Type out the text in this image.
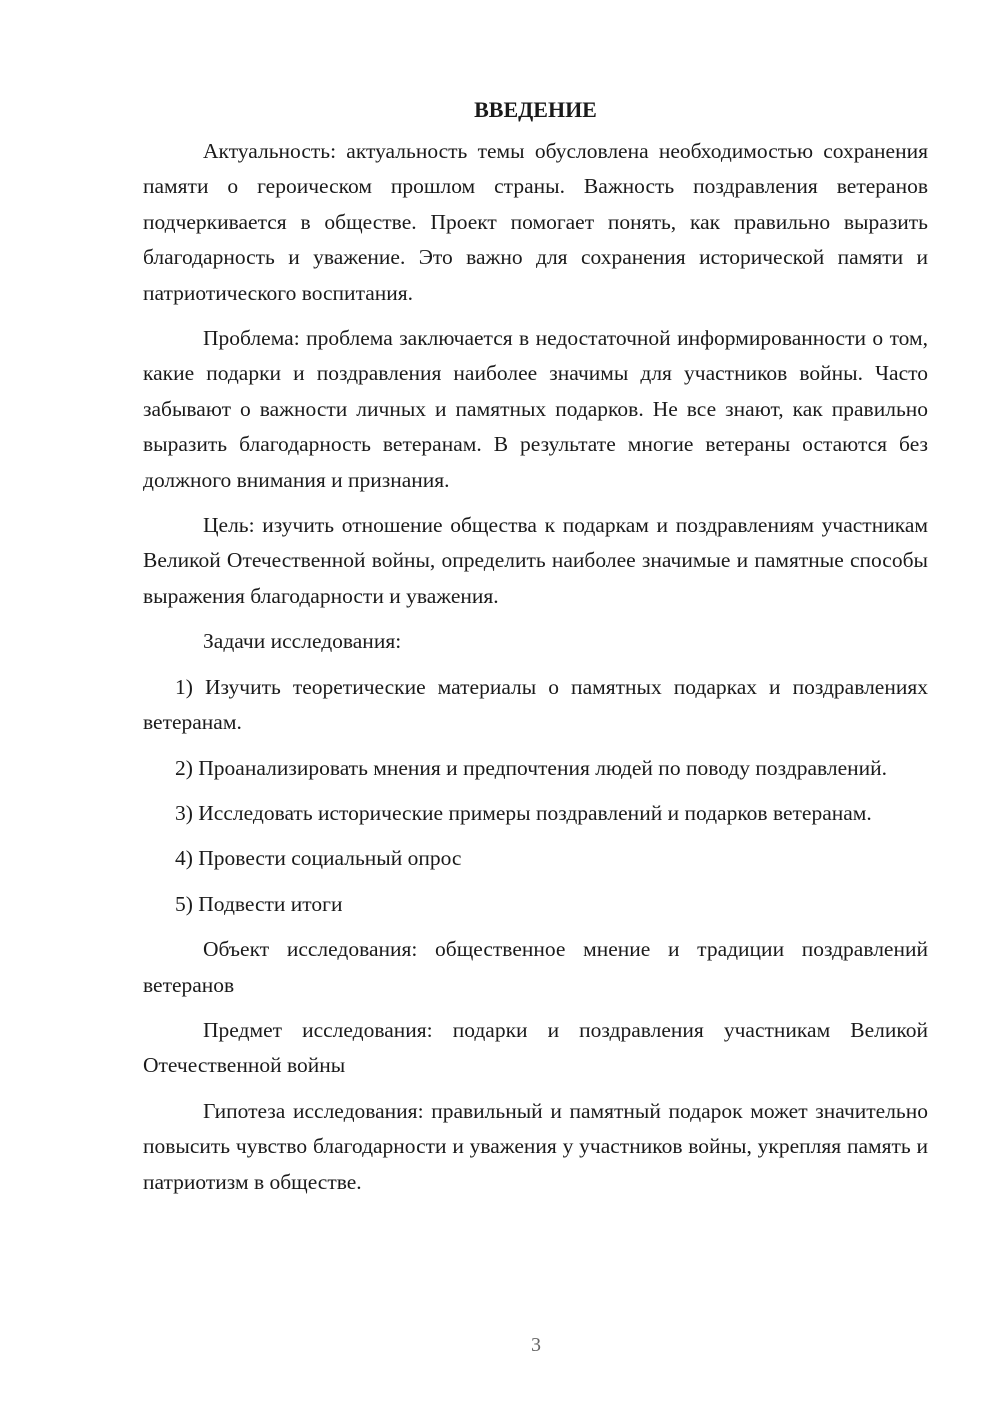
ВВЕДЕНИЕ

Актуальность: актуальность темы обусловлена необходимостью сохранения памяти о героическом прошлом страны. Важность поздравления ветеранов подчеркивается в обществе. Проект помогает понять, как правильно выразить благодарность и уважение. Это важно для сохранения исторической памяти и патриотического воспитания.

Проблема: проблема заключается в недостаточной информированности о том, какие подарки и поздравления наиболее значимы для участников войны. Часто забывают о важности личных и памятных подарков. Не все знают, как правильно выразить благодарность ветеранам. В результате многие ветераны остаются без должного внимания и признания.

Цель: изучить отношение общества к подаркам и поздравлениям участникам Великой Отечественной войны, определить наиболее значимые и памятные способы выражения благодарности и уважения.

Задачи исследования:

1) Изучить теоретические материалы о памятных подарках и поздравлениях ветеранам.

2) Проанализировать мнения и предпочтения людей по поводу поздравлений.

3) Исследовать исторические примеры поздравлений и подарков ветеранам.

4) Провести социальный опрос

5) Подвести итоги

Объект исследования: общественное мнение и традиции поздравлений ветеранов

Предмет исследования: подарки и поздравления участникам Великой Отечественной войны

Гипотеза исследования: правильный и памятный подарок может значительно повысить чувство благодарности и уважения у участников войны, укрепляя память и патриотизм в обществе.

3
